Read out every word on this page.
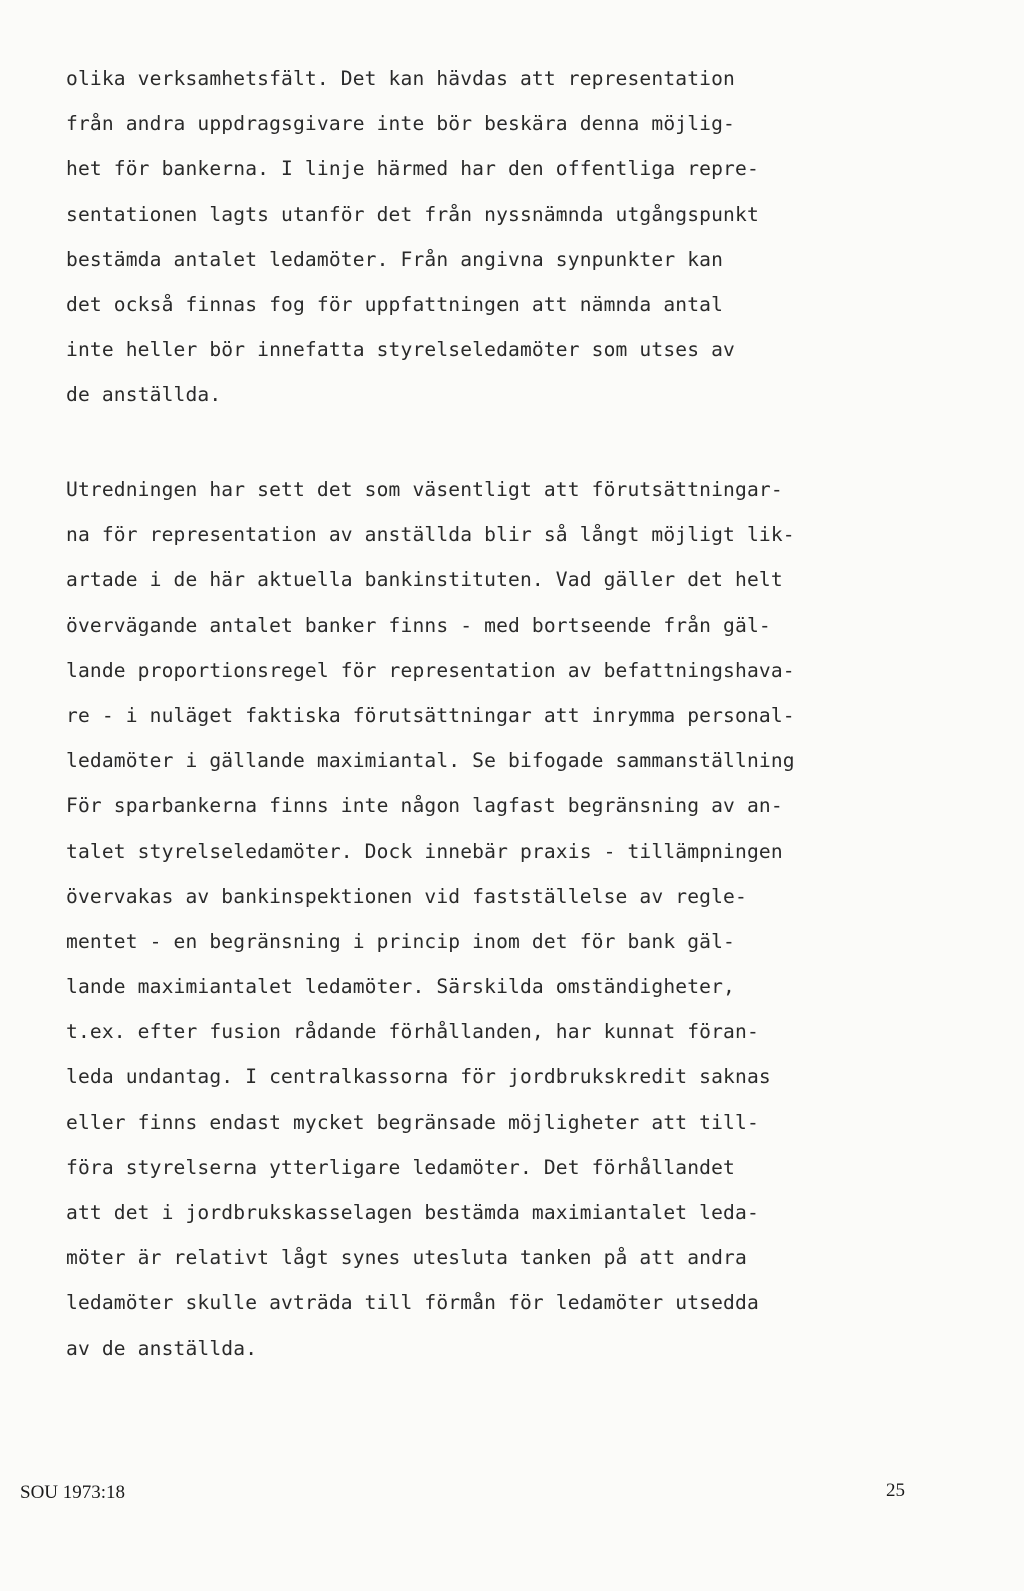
olika verksamhetsfält. Det kan hävdas att representation
från andra uppdragsgivare inte bör beskära denna möjlig-
het för bankerna. I linje härmed har den offentliga repre-
sentationen lagts utanför det från nyssnämnda utgångspunkt
bestämda antalet ledamöter. Från angivna synpunkter kan
det också finnas fog för uppfattningen att nämnda antal
inte heller bör innefatta styrelseledamöter som utses av
de anställda.
Utredningen har sett det som väsentligt att förutsättningar-
na för representation av anställda blir så långt möjligt lik-
artade i de här aktuella bankinstituten. Vad gäller det helt
övervägande antalet banker finns - med bortseende från gäl-
lande proportionsregel för representation av befattningshava-
re - i nuläget faktiska förutsättningar att inrymma personal-
ledamöter i gällande maximiantal. Se bifogade sammanställning
För sparbankerna finns inte någon lagfast begränsning av an-
talet styrelseledamöter. Dock innebär praxis - tillämpningen
övervakas av bankinspektionen vid fastställelse av regle-
mentet - en begränsning i princip inom det för bank gäl-
lande maximiantalet ledamöter. Särskilda omständigheter,
t.ex. efter fusion rådande förhållanden, har kunnat föran-
leda undantag. I centralkassorna för jordbrukskredit saknas
eller finns endast mycket begränsade möjligheter att till-
föra styrelserna ytterligare ledamöter. Det förhållandet
att det i jordbrukskasselagen bestämda maximiantalet leda-
möter är relativt lågt synes utesluta tanken på att andra
ledamöter skulle avträda till förmån för ledamöter utsedda
av de anställda.
SOU 1973:18	25
